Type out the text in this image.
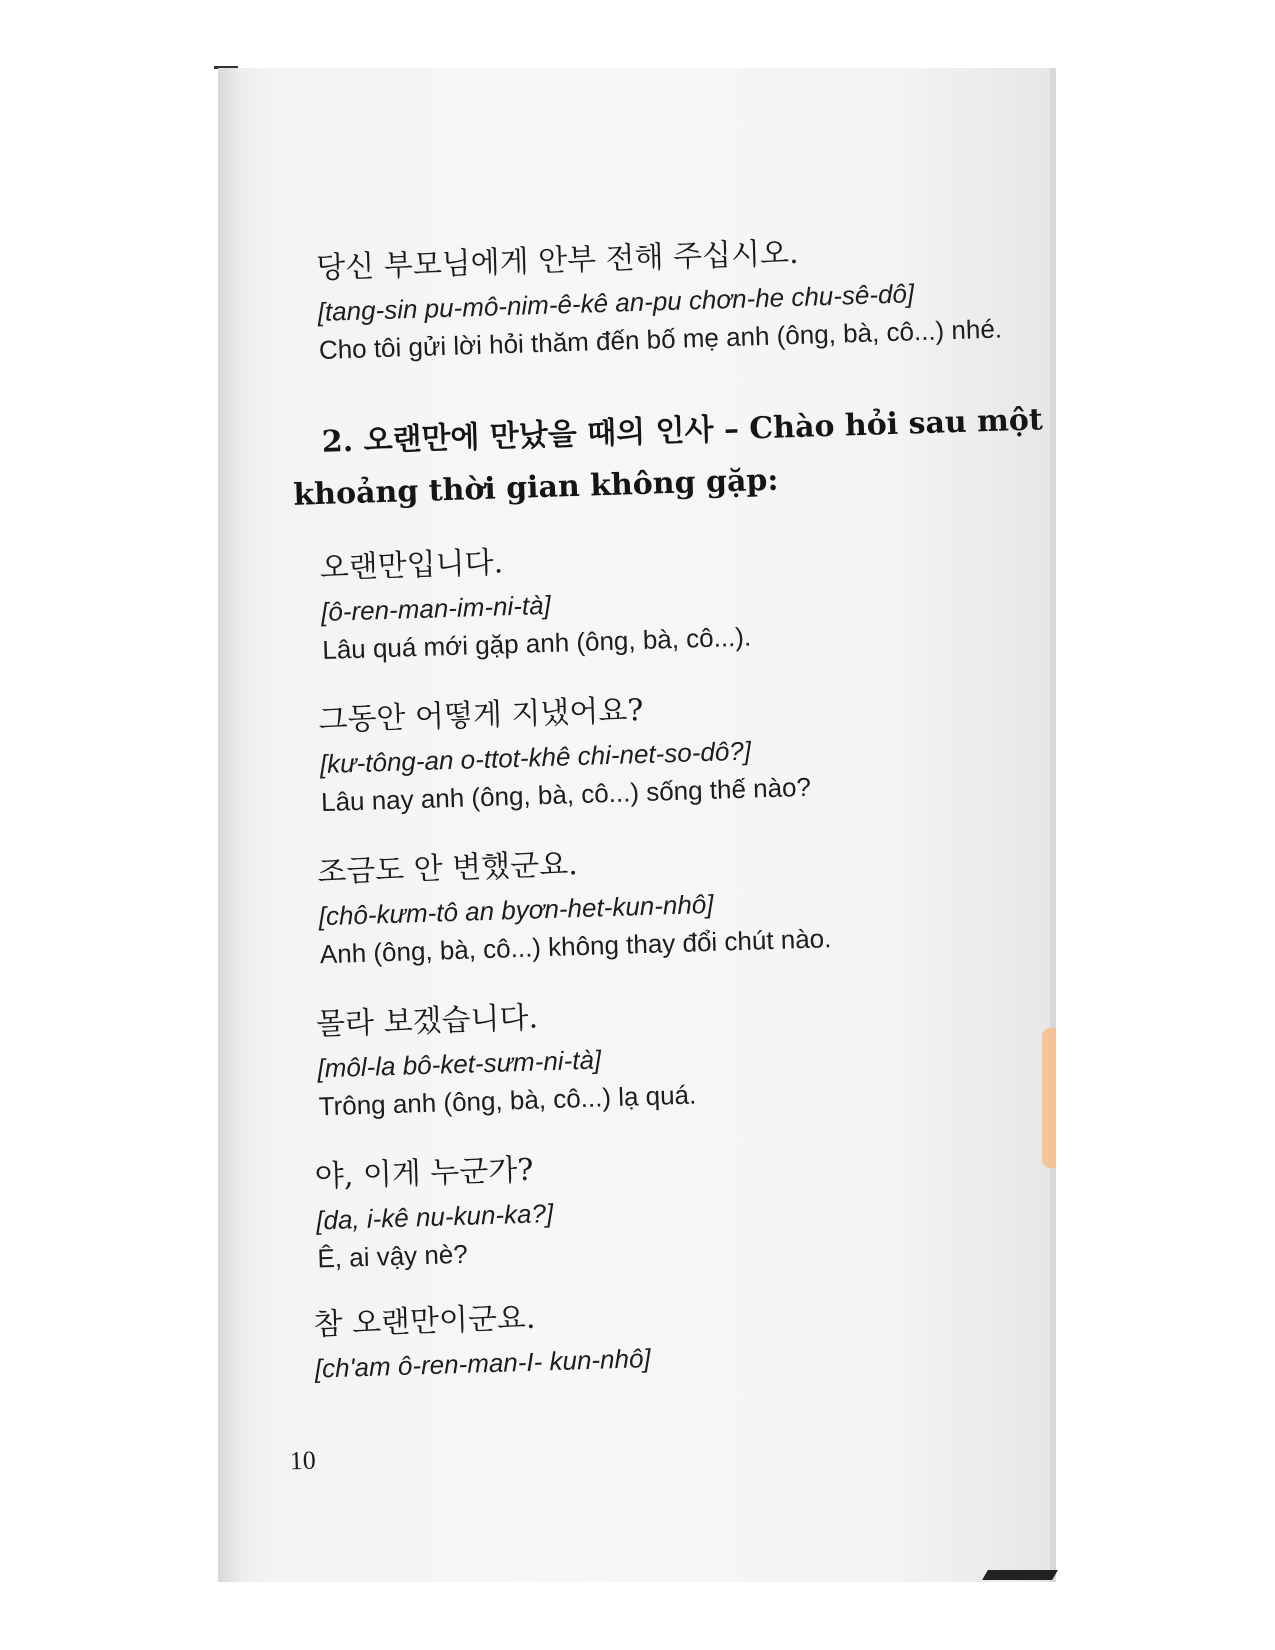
당신 부모님에게 안부 전해 주십시오.
[tang-sin pu-mô-nim-ê-kê an-pu chơn-he chu-sê-dô]
Cho tôi gửi lời hỏi thăm đến bố mẹ anh (ông, bà, cô...) nhé.
2. 오랜만에 만났을 때의 인사 – Chào hỏi sau một
khoảng thời gian không gặp:
오랜만입니다.
[ô-ren-man-im-ni-tà]
Lâu quá mới gặp anh (ông, bà, cô...).
그동안 어떻게 지냈어요?
[kư-tông-an o-ttot-khê chi-net-so-dô?]
Lâu nay anh (ông, bà, cô...) sống thế nào?
조금도 안 변했군요.
[chô-kưm-tô an byơn-het-kun-nhô]
Anh (ông, bà, cô...) không thay đổi chút nào.
몰라 보겠습니다.
[môl-la bô-ket-sưm-ni-tà]
Trông anh (ông, bà, cô...) lạ quá.
야, 이게 누군가?
[da, i-kê nu-kun-ka?]
Ê, ai vậy nè?
참 오랜만이군요.
[ch'am ô-ren-man-I- kun-nhô]
10
